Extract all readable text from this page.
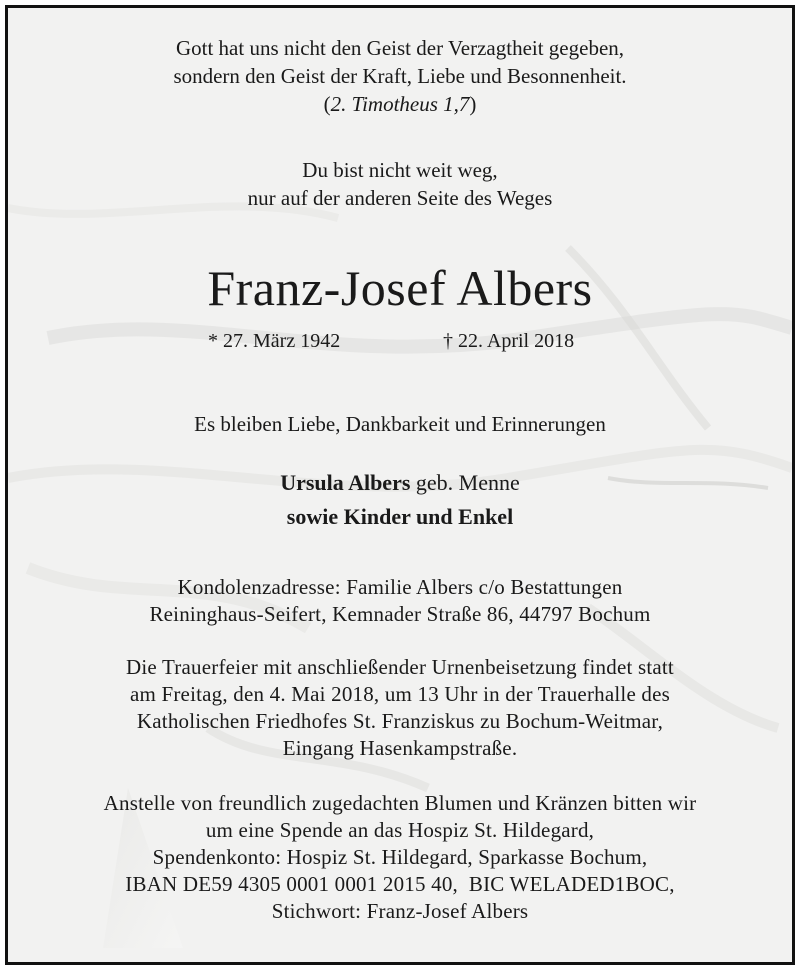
Gott hat uns nicht den Geist der Verzagtheit gegeben,
sondern den Geist der Kraft, Liebe und Besonnenheit.
(2. Timotheus 1,7)
Du bist nicht weit weg,
nur auf der anderen Seite des Weges
Franz-Josef Albers
* 27. März 1942	† 22. April 2018
Es bleiben Liebe, Dankbarkeit und Erinnerungen
Ursula Albers geb. Menne
sowie Kinder und Enkel
Kondolenzadresse: Familie Albers c/o Bestattungen
Reininghaus-Seifert, Kemnader Straße 86, 44797 Bochum
Die Trauerfeier mit anschließender Urnenbeisetzung findet statt
am Freitag, den 4. Mai 2018, um 13 Uhr in der Trauerhalle des
Katholischen Friedhofes St. Franziskus zu Bochum-Weitmar,
Eingang Hasenkampstraße.
Anstelle von freundlich zugedachten Blumen und Kränzen bitten wir
um eine Spende an das Hospiz St. Hildegard,
Spendenkonto: Hospiz St. Hildegard, Sparkasse Bochum,
IBAN DE59 4305 0001 0001 2015 40,  BIC WELADED1BOC,
Stichwort: Franz-Josef Albers
